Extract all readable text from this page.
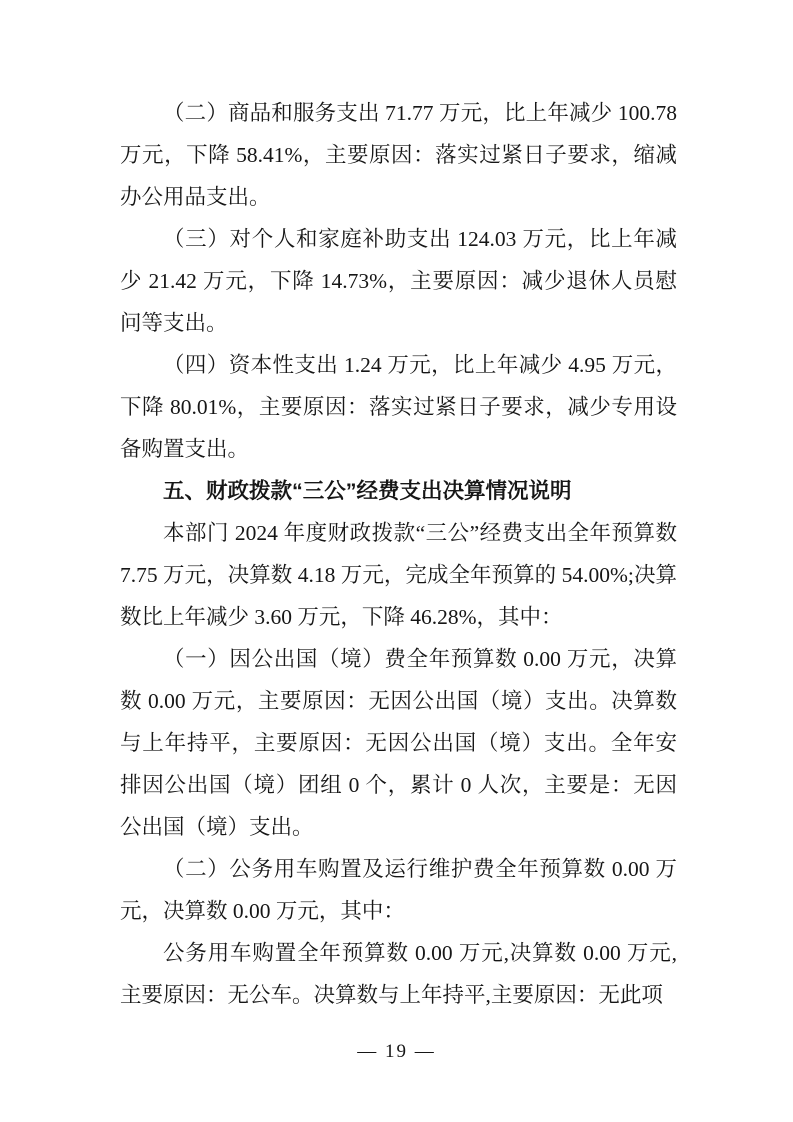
（二）商品和服务支出 71.77 万元，比上年减少 100.78 万元，下降 58.41%，主要原因：落实过紧日子要求，缩减办公用品支出。

（三）对个人和家庭补助支出 124.03 万元，比上年减少 21.42 万元，下降 14.73%，主要原因：减少退休人员慰问等支出。

（四）资本性支出 1.24 万元，比上年减少 4.95 万元，下降 80.01%，主要原因：落实过紧日子要求，减少专用设备购置支出。

五、财政拨款“三公”经费支出决算情况说明

本部门 2024 年度财政拨款“三公”经费支出全年预算数 7.75 万元，决算数 4.18 万元，完成全年预算的 54.00%;决算数比上年减少 3.60 万元，下降 46.28%，其中：

（一）因公出国（境）费全年预算数 0.00 万元，决算数 0.00 万元，主要原因：无因公出国（境）支出。决算数与上年持平，主要原因：无因公出国（境）支出。全年安排因公出国（境）团组 0 个，累计 0 人次，主要是：无因公出国（境）支出。

（二）公务用车购置及运行维护费全年预算数 0.00 万元，决算数 0.00 万元，其中：

公务用车购置全年预算数 0.00 万元,决算数 0.00 万元,主要原因：无公车。决算数与上年持平,主要原因：无此项

— 19 —
